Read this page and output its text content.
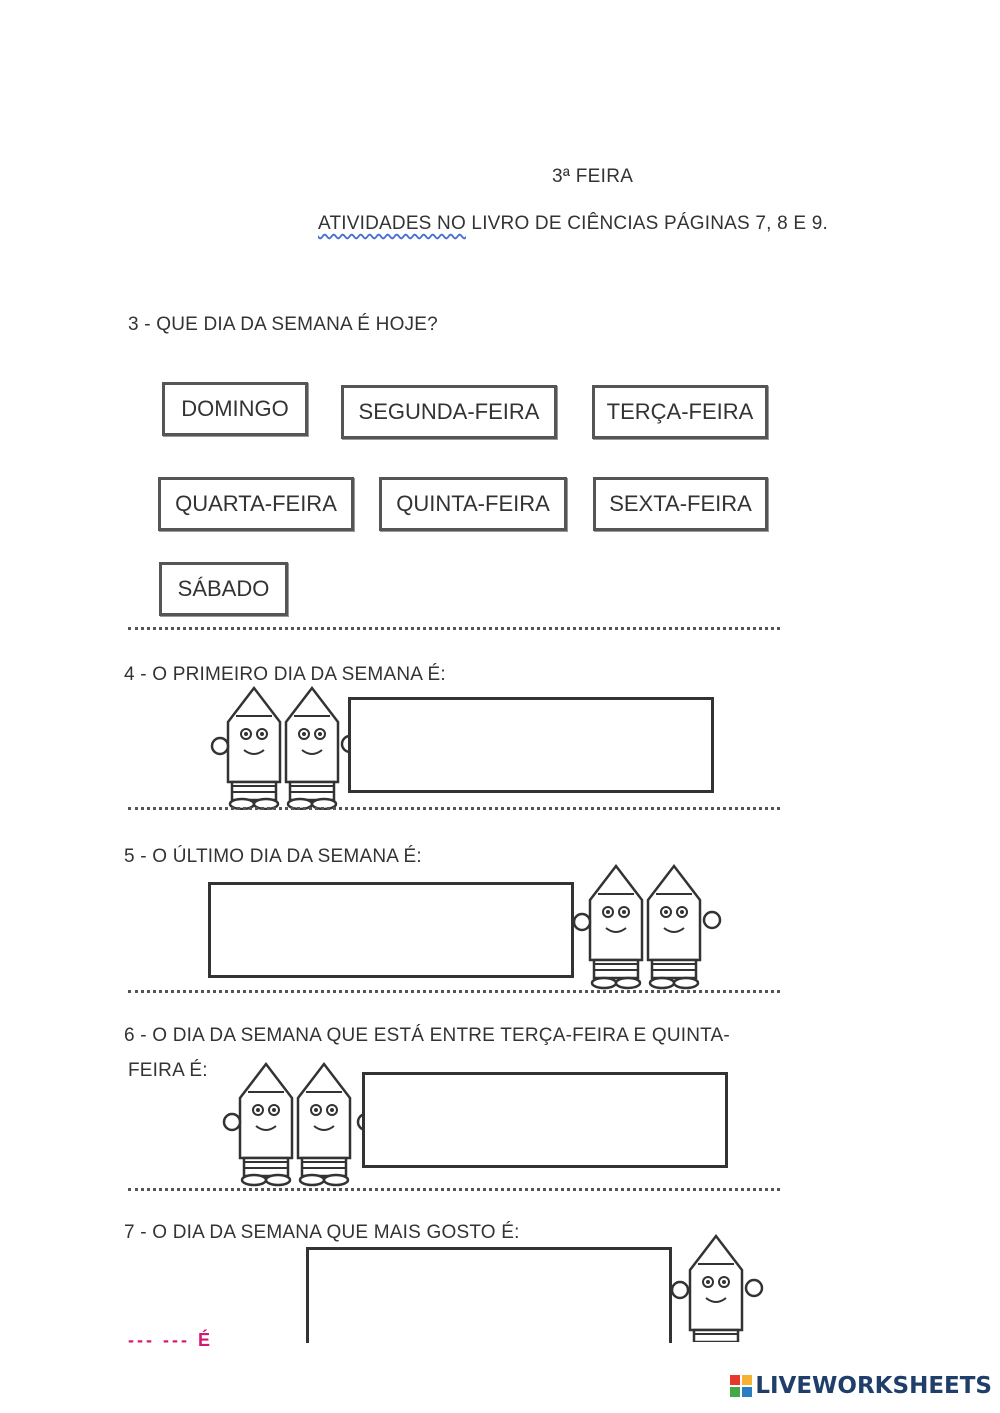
3ª FEIRA
ATIVIDADES NO LIVRO DE CIÊNCIAS PÁGINAS 7, 8 E 9.
3 - QUE DIA DA SEMANA É HOJE?
DOMINGO	SEGUNDA-FEIRA	TERÇA-FEIRA
QUARTA-FEIRA	QUINTA-FEIRA	SEXTA-FEIRA
SÁBADO
4 - O PRIMEIRO DIA DA SEMANA É:
5 - O ÚLTIMO DIA DA SEMANA É:
6 - O DIA DA SEMANA QUE ESTÁ ENTRE TERÇA-FEIRA E QUINTA-
FEIRA É:
7 - O DIA DA SEMANA QUE MAIS GOSTO É:
--- --- É
LIVEWORKSHEETS
